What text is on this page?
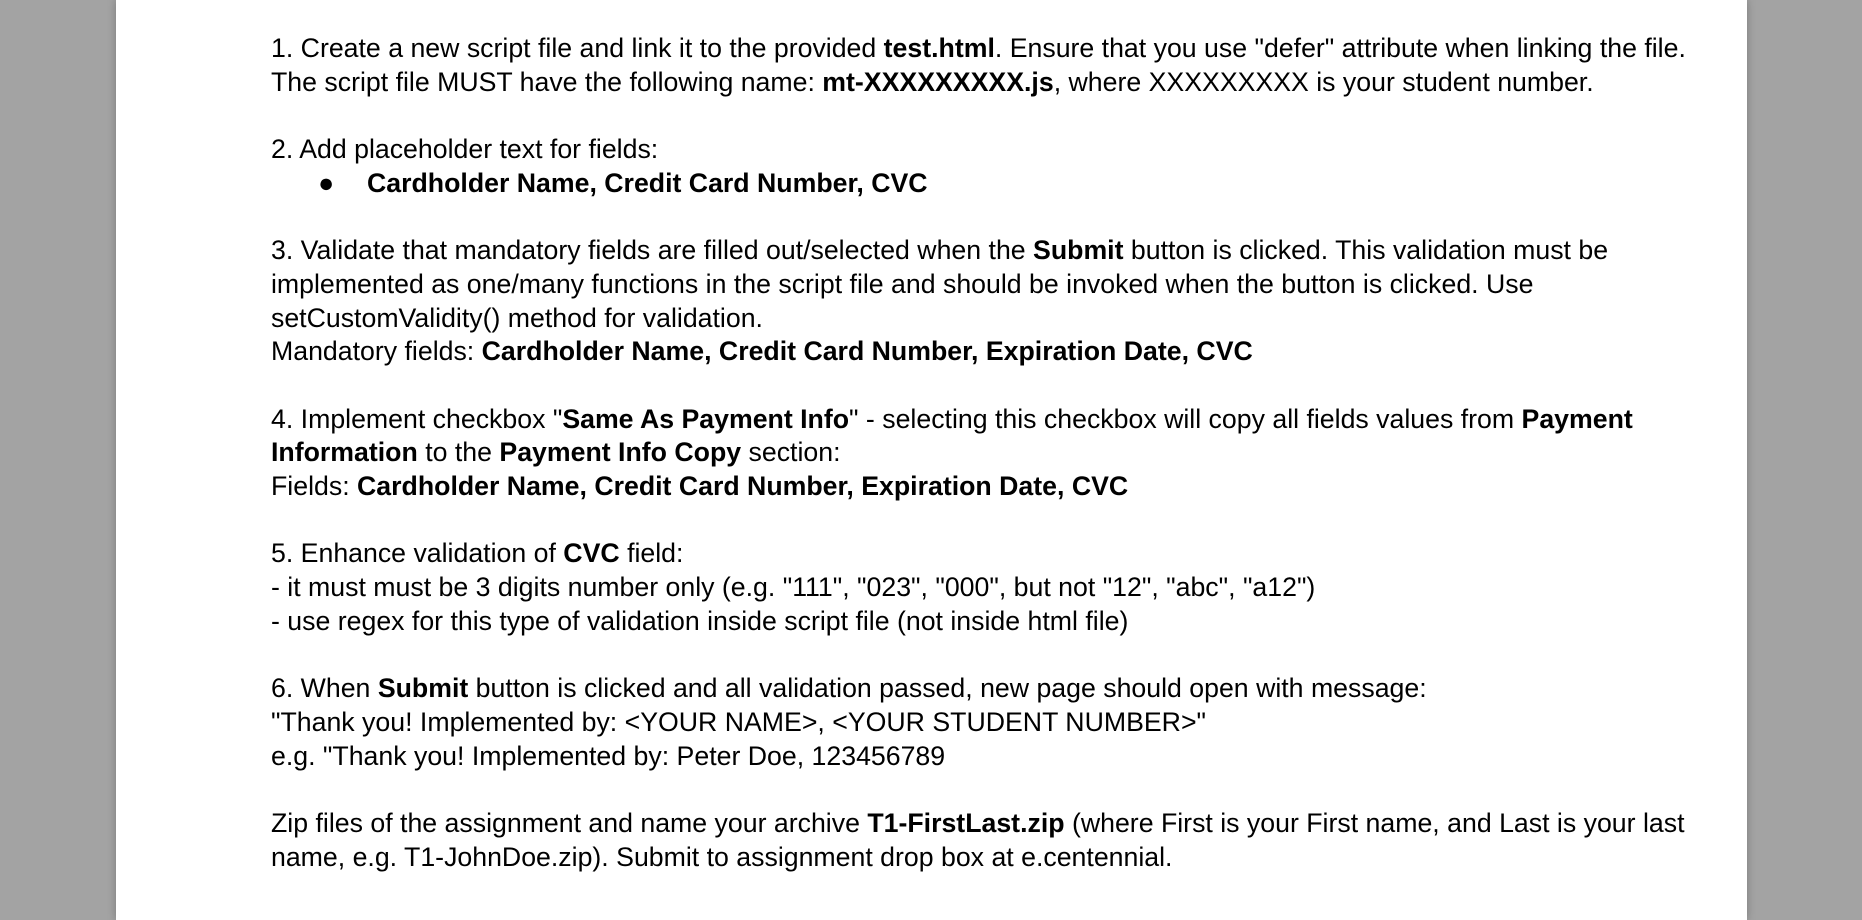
1. Create a new script file and link it to the provided test.html. Ensure that you use "defer" attribute when linking the file. The script file MUST have the following name: mt-XXXXXXXXX.js, where XXXXXXXXX is your student number.

2. Add placeholder text for fields:

● Cardholder Name, Credit Card Number, CVC

3. Validate that mandatory fields are filled out/selected when the Submit button is clicked. This validation must be implemented as one/many functions in the script file and should be invoked when the button is clicked. Use setCustomValidity() method for validation.

Mandatory fields: Cardholder Name, Credit Card Number, Expiration Date, CVC

4. Implement checkbox "Same As Payment Info" - selecting this checkbox will copy all fields values from Payment Information to the Payment Info Copy section:

Fields: Cardholder Name, Credit Card Number, Expiration Date, CVC

5. Enhance validation of CVC field:

- it must must be 3 digits number only (e.g. "111", "023", "000", but not "12", "abc", "a12")

- use regex for this type of validation inside script file (not inside html file)

6. When Submit button is clicked and all validation passed, new page should open with message:

"Thank you! Implemented by: <YOUR NAME>, <YOUR STUDENT NUMBER>"

e.g. "Thank you! Implemented by: Peter Doe, 123456789

Zip files of the assignment and name your archive T1-FirstLast.zip (where First is your First name, and Last is your last name, e.g. T1-JohnDoe.zip). Submit to assignment drop box at e.centennial.
